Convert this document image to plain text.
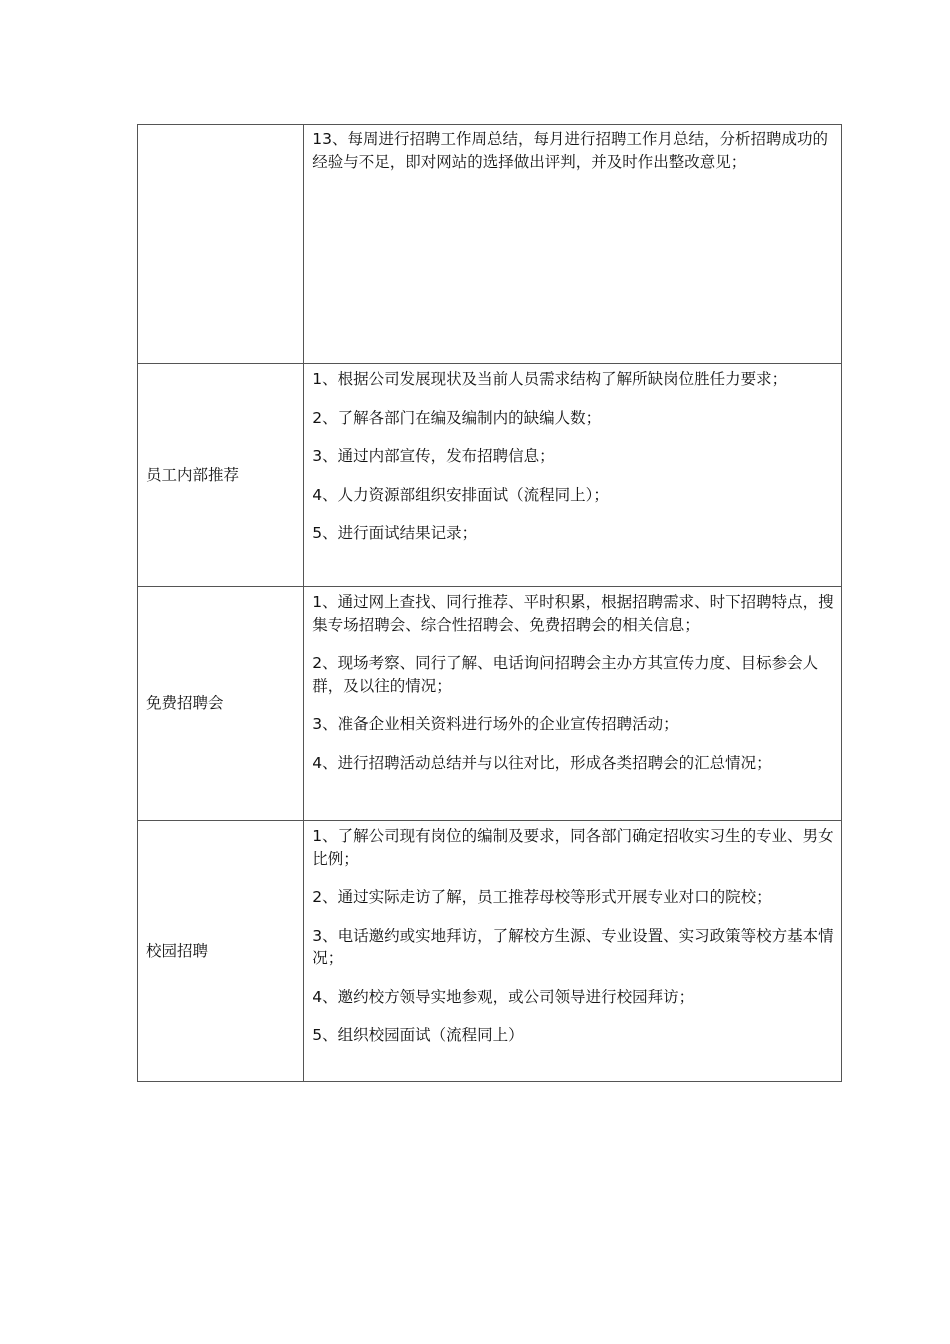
	13、每周进行招聘工作周总结，每月进行招聘工作月总结，分析招聘成功的经验与不足，即对网站的选择做出评判，并及时作出整改意见；

员工内部推荐	1、根据公司发展现状及当前人员需求结构了解所缺岗位胜任力要求；

2、了解各部门在编及编制内的缺编人数；

3、通过内部宣传，发布招聘信息；

4、人力资源部组织安排面试（流程同上）；

5、进行面试结果记录；

免费招聘会	1、通过网上查找、同行推荐、平时积累，根据招聘需求、时下招聘特点，搜集专场招聘会、综合性招聘会、免费招聘会的相关信息；

2、现场考察、同行了解、电话询问招聘会主办方其宣传力度、目标参会人群，及以往的情况；

3、准备企业相关资料进行场外的企业宣传招聘活动；

4、进行招聘活动总结并与以往对比，形成各类招聘会的汇总情况；

校园招聘	1、了解公司现有岗位的编制及要求，同各部门确定招收实习生的专业、男女比例；

2、通过实际走访了解，员工推荐母校等形式开展专业对口的院校；

3、电话邀约或实地拜访，了解校方生源、专业设置、实习政策等校方基本情况；

4、邀约校方领导实地参观，或公司领导进行校园拜访；

5、组织校园面试（流程同上）
